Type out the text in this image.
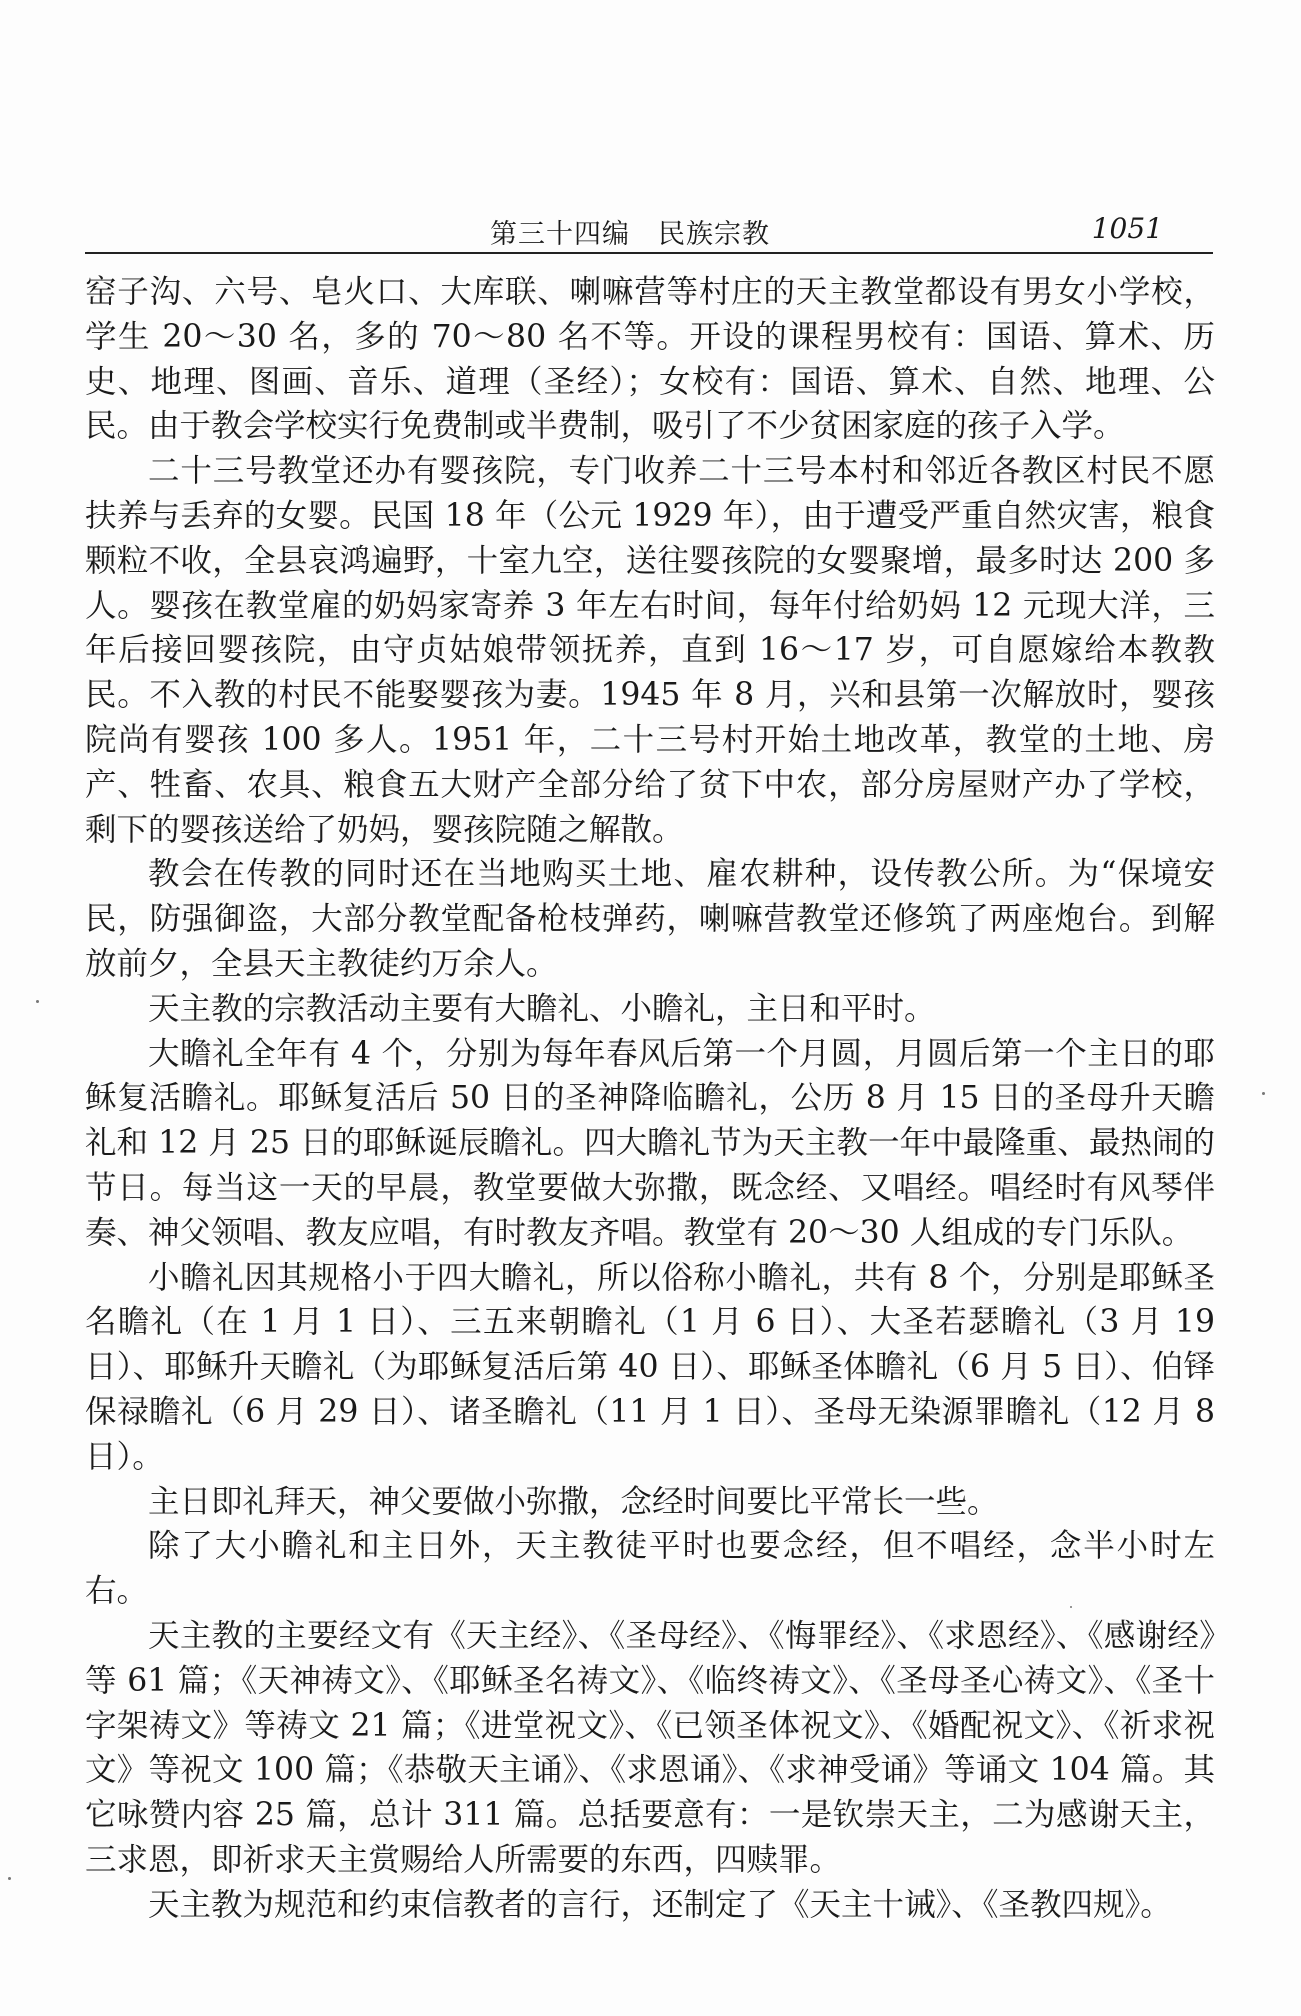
第三十四编　民族宗教	1051

窑子沟、六号、皂火口、大库联、喇嘛营等村庄的天主教堂都设有男女小学校，学生 20～30 名，多的 70～80 名不等。开设的课程男校有：国语、算术、历史、地理、图画、音乐、道理（圣经）；女校有：国语、算术、自然、地理、公民。由于教会学校实行免费制或半费制，吸引了不少贫困家庭的孩子入学。

二十三号教堂还办有婴孩院，专门收养二十三号本村和邻近各教区村民不愿扶养与丢弃的女婴。民国 18 年（公元 1929 年），由于遭受严重自然灾害，粮食颗粒不收，全县哀鸿遍野，十室九空，送往婴孩院的女婴聚增，最多时达 200 多人。婴孩在教堂雇的奶妈家寄养 3 年左右时间，每年付给奶妈 12 元现大洋，三年后接回婴孩院，由守贞姑娘带领抚养，直到 16～17 岁，可自愿嫁给本教教民。不入教的村民不能娶婴孩为妻。1945 年 8 月，兴和县第一次解放时，婴孩院尚有婴孩 100 多人。1951 年，二十三号村开始土地改革，教堂的土地、房产、牲畜、农具、粮食五大财产全部分给了贫下中农，部分房屋财产办了学校，剩下的婴孩送给了奶妈，婴孩院随之解散。

教会在传教的同时还在当地购买土地、雇农耕种，设传教公所。为“保境安民，防强御盗，大部分教堂配备枪枝弹药，喇嘛营教堂还修筑了两座炮台。到解放前夕，全县天主教徒约万余人。

天主教的宗教活动主要有大瞻礼、小瞻礼，主日和平时。

大瞻礼全年有 4 个，分别为每年春风后第一个月圆，月圆后第一个主日的耶稣复活瞻礼。耶稣复活后 50 日的圣神降临瞻礼，公历 8 月 15 日的圣母升天瞻礼和 12 月 25 日的耶稣诞辰瞻礼。四大瞻礼节为天主教一年中最隆重、最热闹的节日。每当这一天的早晨，教堂要做大弥撒，既念经、又唱经。唱经时有风琴伴奏、神父领唱、教友应唱，有时教友齐唱。教堂有 20～30 人组成的专门乐队。

小瞻礼因其规格小于四大瞻礼，所以俗称小瞻礼，共有 8 个，分别是耶稣圣名瞻礼（在 1 月 1 日）、三五来朝瞻礼（1 月 6 日）、大圣若瑟瞻礼（3 月 19 日）、耶稣升天瞻礼（为耶稣复活后第 40 日）、耶稣圣体瞻礼（6 月 5 日）、伯铎保禄瞻礼（6 月 29 日）、诸圣瞻礼（11 月 1 日）、圣母无染源罪瞻礼（12 月 8 日）。

主日即礼拜天，神父要做小弥撒，念经时间要比平常长一些。

除了大小瞻礼和主日外，天主教徒平时也要念经，但不唱经，念半小时左右。

天主教的主要经文有《天主经》、《圣母经》、《悔罪经》、《求恩经》、《感谢经》等 61 篇；《天神祷文》、《耶稣圣名祷文》、《临终祷文》、《圣母圣心祷文》、《圣十字架祷文》等祷文 21 篇；《进堂祝文》、《已领圣体祝文》、《婚配祝文》、《祈求祝文》等祝文 100 篇；《恭敬天主诵》、《求恩诵》、《求神受诵》等诵文 104 篇。其它咏赞内容 25 篇，总计 311 篇。总括要意有：一是钦崇天主，二为感谢天主，三求恩，即祈求天主赏赐给人所需要的东西，四赎罪。

天主教为规范和约束信教者的言行，还制定了《天主十诫》、《圣教四规》。
